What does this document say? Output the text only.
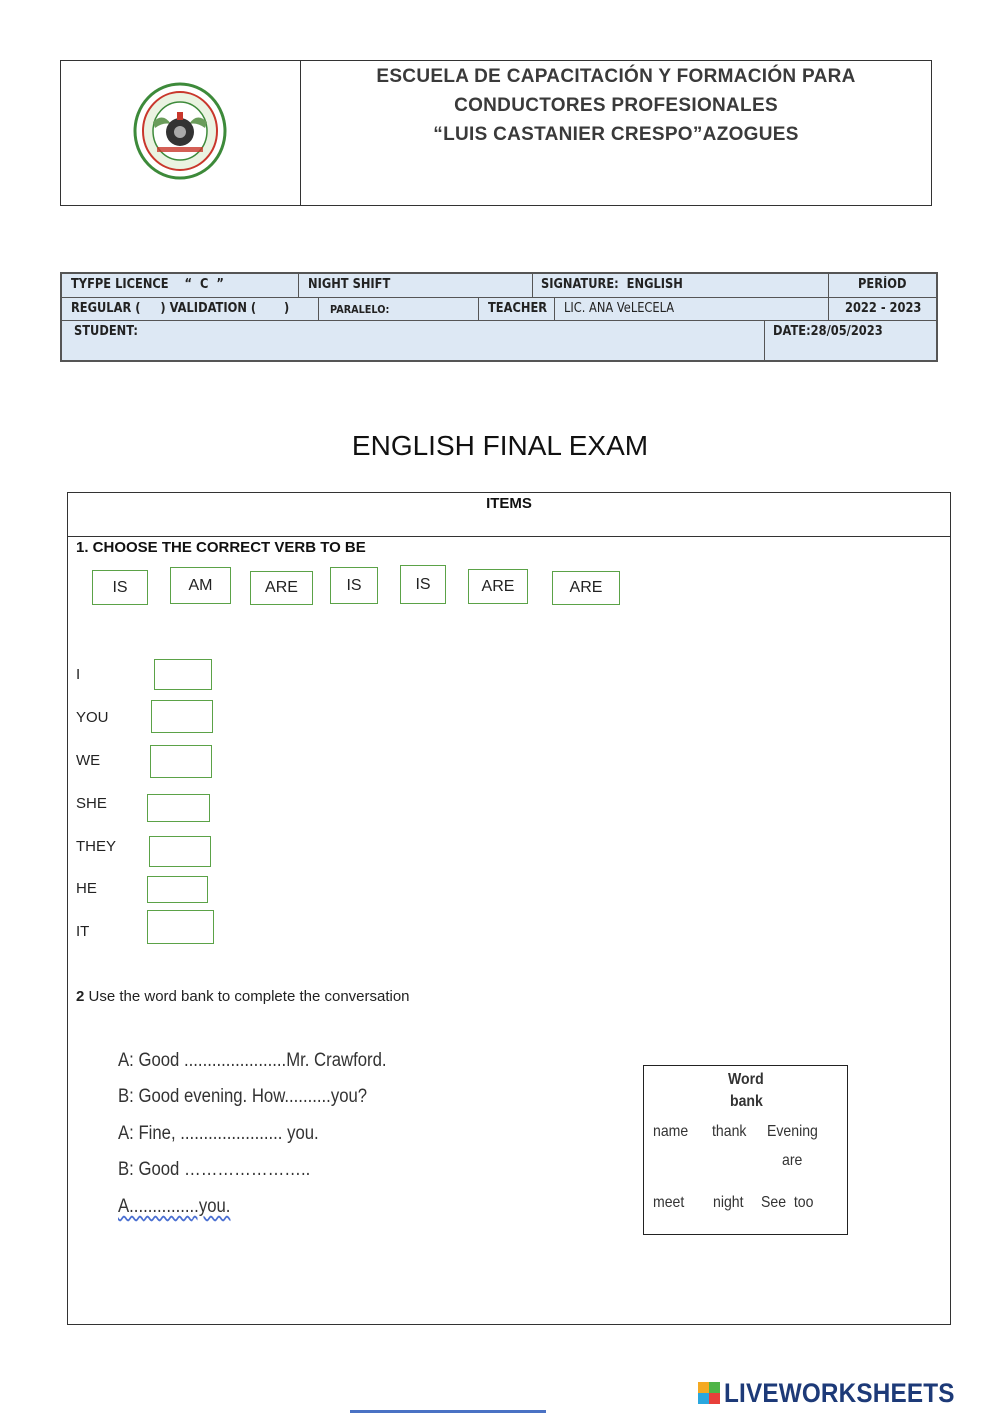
ESCUELA DE CAPACITACIÓN Y FORMACIÓN PARA
CONDUCTORES PROFESIONALES
“LUIS CASTANIER CRESPO”AZOGUES
TYFPE LICENCE    “  C  ”	NIGHT SHIFT	SIGNATURE:  ENGLISH	PERÍOD
REGULAR (     ) VALIDATION (       )	PARALELO:	TEACHER LIC. ANA VeLECELA	2022 - 2023
STUDENT:	DATE:28/05/2023
ENGLISH FINAL EXAM
ITEMS
1. CHOOSE THE CORRECT VERB TO BE
IS	AM	ARE	IS	IS	ARE	ARE
I
YOU
WE
SHE
THEY
HE
IT
2 Use the word bank to complete the conversation
A: Good ......................Mr. Crawford.
B: Good evening. How..........you?
A: Fine, ...................... you.
B: Good …………………..
A...............you.
Word
bank
name thank Evening
are
meet night See  too
LIVEWORKSHEETS
